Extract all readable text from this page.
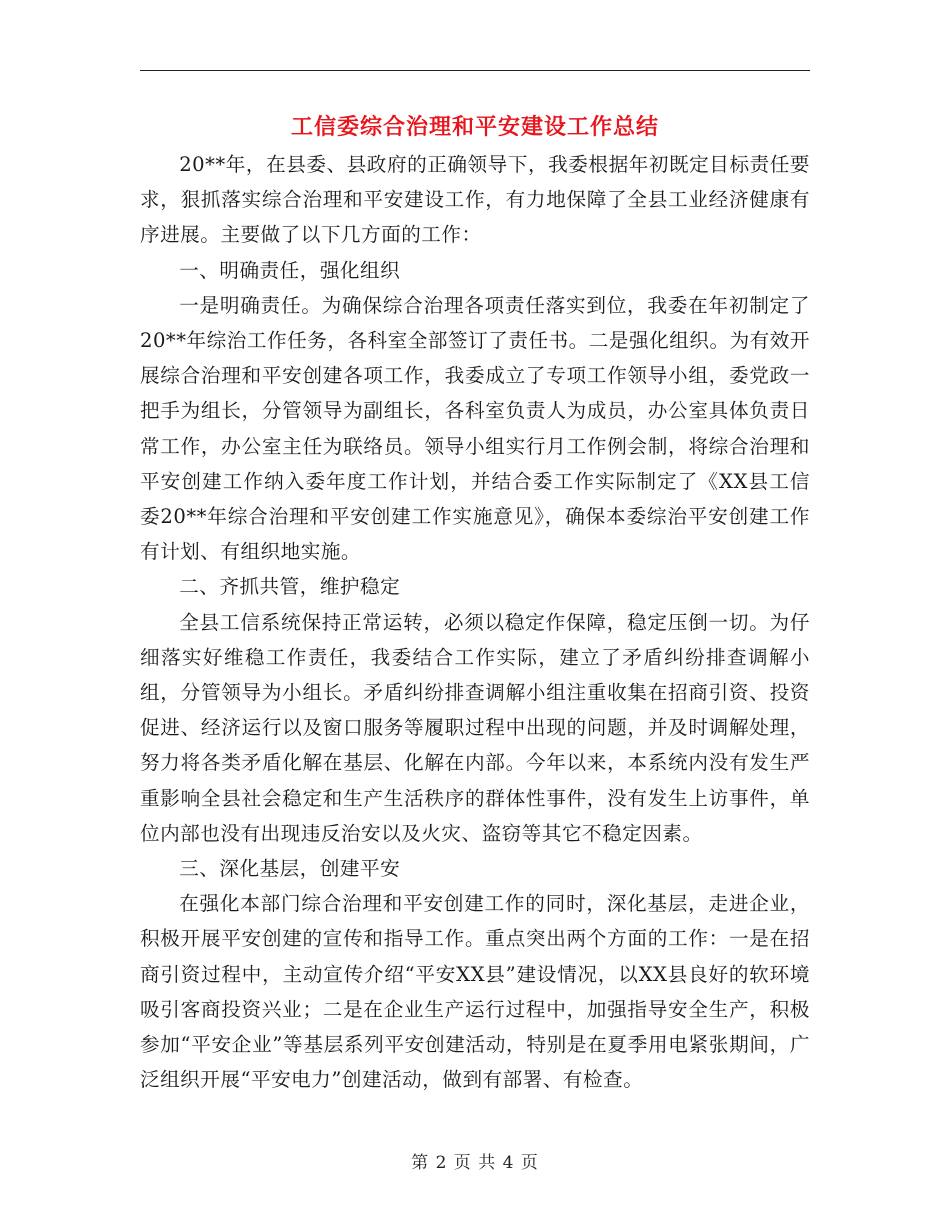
工信委综合治理和平安建设工作总结

20**年，在县委、县政府的正确领导下，我委根据年初既定目标责任要求，狠抓落实综合治理和平安建设工作，有力地保障了全县工业经济健康有序进展。主要做了以下几方面的工作：

一、明确责任，强化组织

一是明确责任。为确保综合治理各项责任落实到位，我委在年初制定了20**年综治工作任务，各科室全部签订了责任书。二是强化组织。为有效开展综合治理和平安创建各项工作，我委成立了专项工作领导小组，委党政一把手为组长，分管领导为副组长，各科室负责人为成员，办公室具体负责日常工作，办公室主任为联络员。领导小组实行月工作例会制，将综合治理和平安创建工作纳入委年度工作计划，并结合委工作实际制定了《XX县工信委20**年综合治理和平安创建工作实施意见》，确保本委综治平安创建工作有计划、有组织地实施。

二、齐抓共管，维护稳定

全县工信系统保持正常运转，必须以稳定作保障，稳定压倒一切。为仔细落实好维稳工作责任，我委结合工作实际，建立了矛盾纠纷排查调解小组，分管领导为小组长。矛盾纠纷排查调解小组注重收集在招商引资、投资促进、经济运行以及窗口服务等履职过程中出现的问题，并及时调解处理，努力将各类矛盾化解在基层、化解在内部。今年以来，本系统内没有发生严重影响全县社会稳定和生产生活秩序的群体性事件，没有发生上访事件，单位内部也没有出现违反治安以及火灾、盗窃等其它不稳定因素。

三、深化基层，创建平安

在强化本部门综合治理和平安创建工作的同时，深化基层，走进企业，积极开展平安创建的宣传和指导工作。重点突出两个方面的工作：一是在招商引资过程中，主动宣传介绍“平安XX县”建设情况，以XX县良好的软环境吸引客商投资兴业；二是在企业生产运行过程中，加强指导安全生产，积极参加“平安企业”等基层系列平安创建活动，特别是在夏季用电紧张期间，广泛组织开展“平安电力”创建活动，做到有部署、有检查。

第 2 页 共 4 页
